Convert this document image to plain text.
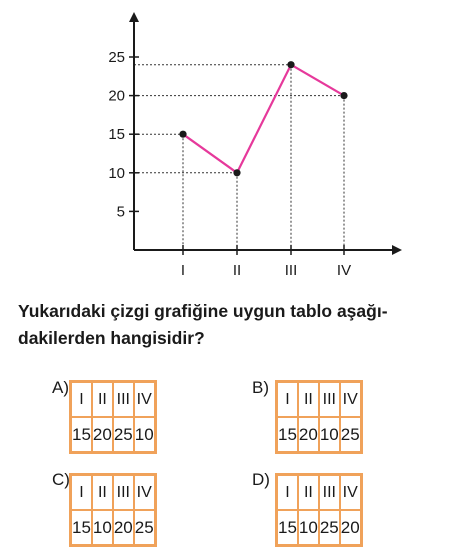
5
10
15
20
25
I	II	III	IV
Yukarıdaki çizgi grafiğine uygun tablo aşağı-
dakilerden hangisidir?
A)
I	II	III	IV
15	20	25	10
B)
I	II	III	IV
15	20	10	25
C)
I	II	III	IV
15	10	20	25
D)
I	II	III	IV
15	10	25	20
